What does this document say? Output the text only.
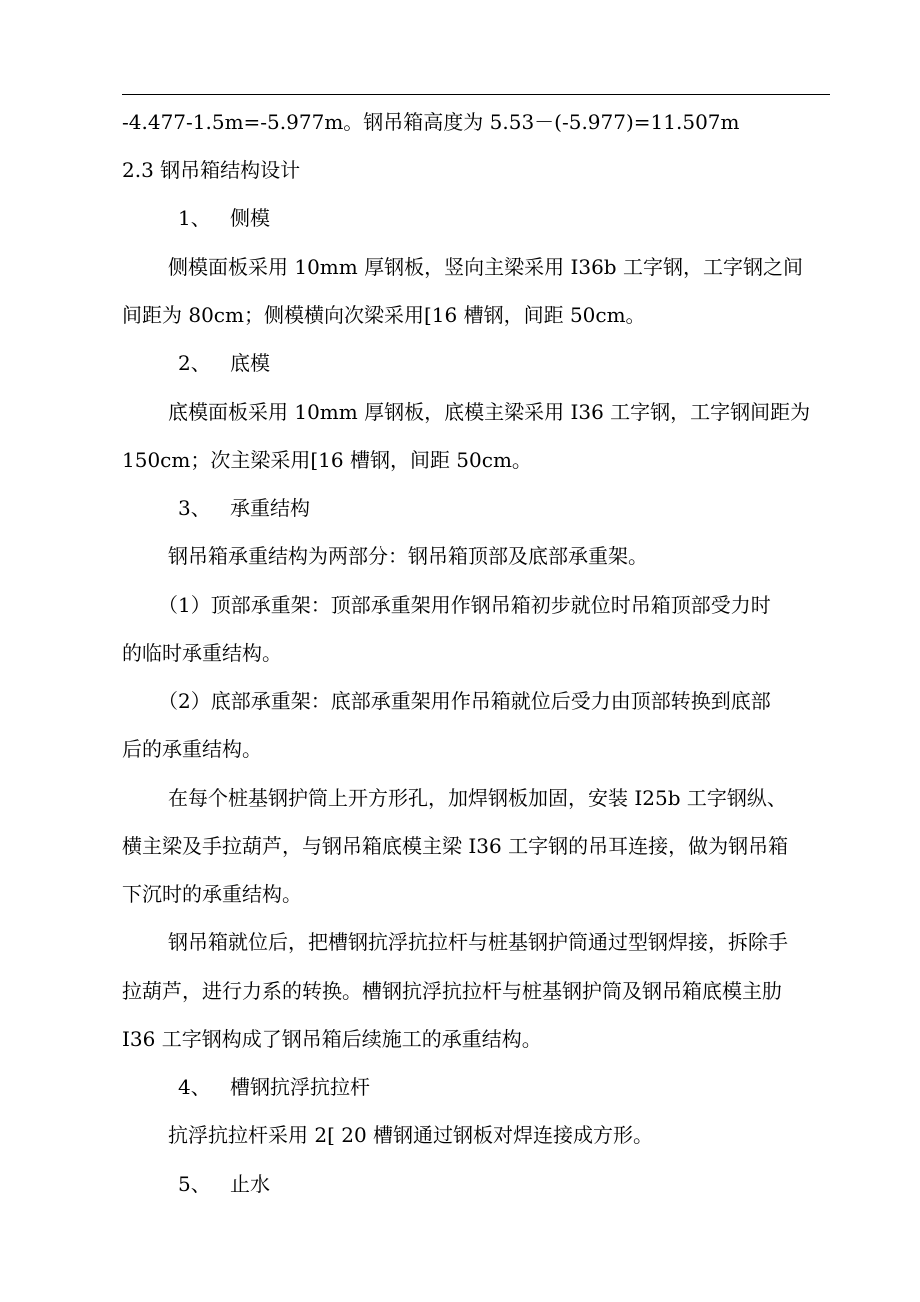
-4.477-1.5m=-5.977m。钢吊箱高度为 5.53－(-5.977)=11.507m
2.3 钢吊箱结构设计
1、 侧模
侧模面板采用 10mm 厚钢板，竖向主梁采用 I36b 工字钢，工字钢之间
间距为 80cm；侧模横向次梁采用[16 槽钢，间距 50cm。
2、 底模
底模面板采用 10mm 厚钢板，底模主梁采用 I36 工字钢，工字钢间距为
150cm；次主梁采用[16 槽钢，间距 50cm。
3、 承重结构
钢吊箱承重结构为两部分：钢吊箱顶部及底部承重架。
（1）顶部承重架：顶部承重架用作钢吊箱初步就位时吊箱顶部受力时
的临时承重结构。
（2）底部承重架：底部承重架用作吊箱就位后受力由顶部转换到底部
后的承重结构。
在每个桩基钢护筒上开方形孔，加焊钢板加固，安装 I25b 工字钢纵、
横主梁及手拉葫芦，与钢吊箱底模主梁 I36 工字钢的吊耳连接，做为钢吊箱
下沉时的承重结构。
钢吊箱就位后，把槽钢抗浮抗拉杆与桩基钢护筒通过型钢焊接，拆除手
拉葫芦，进行力系的转换。槽钢抗浮抗拉杆与桩基钢护筒及钢吊箱底模主肋
I36 工字钢构成了钢吊箱后续施工的承重结构。
4、 槽钢抗浮抗拉杆
抗浮抗拉杆采用 2[ 20 槽钢通过钢板对焊连接成方形。
5、 止水
